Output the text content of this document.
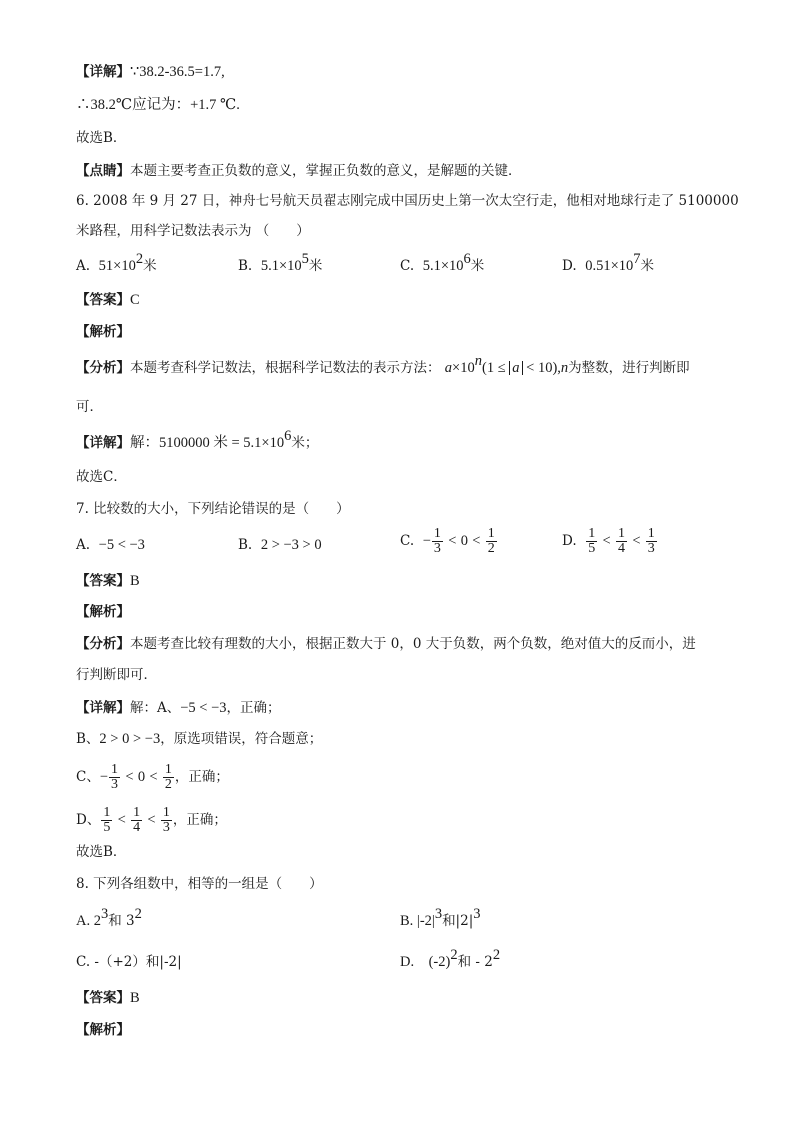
【详解】∵38.2-36.5=1.7,
∴38.2℃应记为：+1.7 ℃.
故选B．
【点睛】本题主要考查正负数的意义，掌握正负数的意义，是解题的关键．
6. 2008 年 9 月 27 日，神舟七号航天员翟志刚完成中国历史上第一次太空行走，他相对地球行走了 5100000
米路程，用科学记数法表示为 （　　）
A. $51\times 10^2$米	B. $5.1\times 10^5$米	C. $5.1\times 10^6$米	D. $0.51\times 10^7$米
【答案】C
【解析】
【分析】本题考查科学记数法，根据科学记数法的表示方法： $a\times 10^n(1 \le a < 10),n$为整数，进行判断即
可．
【详解】解：5100000 米 = $5.1\times 10^6$米；
故选C．
7. 比较数的大小，下列结论错误的是（　　）
A. −5 < −3	B. 2 > −3 > 0	C. − $\frac{1}{3} < 0 < \frac{1}{2}$	D. $\frac{1}{5} < \frac{1}{4} < \frac{1}{3}$
【答案】B
【解析】
【分析】本题考查比较有理数的大小，根据正数大于 0，0 大于负数，两个负数，绝对值大的反而小，进
行判断即可．
【详解】解：A、−5 < −3，正确；
B、2 > 0 > −3，原选项错误，符合题意；
C、− $\frac{1}{3} < 0 < \frac{1}{2}$ ，正确；
D、 $\frac{1}{5} < \frac{1}{4} < \frac{1}{3}$ ，正确；
故选B．
8. 下列各组数中，相等的一组是（　　）
A. $2^3$和 $3^2$	B. $|-2|^3$和$|2|^3$
C. -（+2）和|-2|	D.　$(-2)^2$和 - $2^2$
【答案】B
【解析】
